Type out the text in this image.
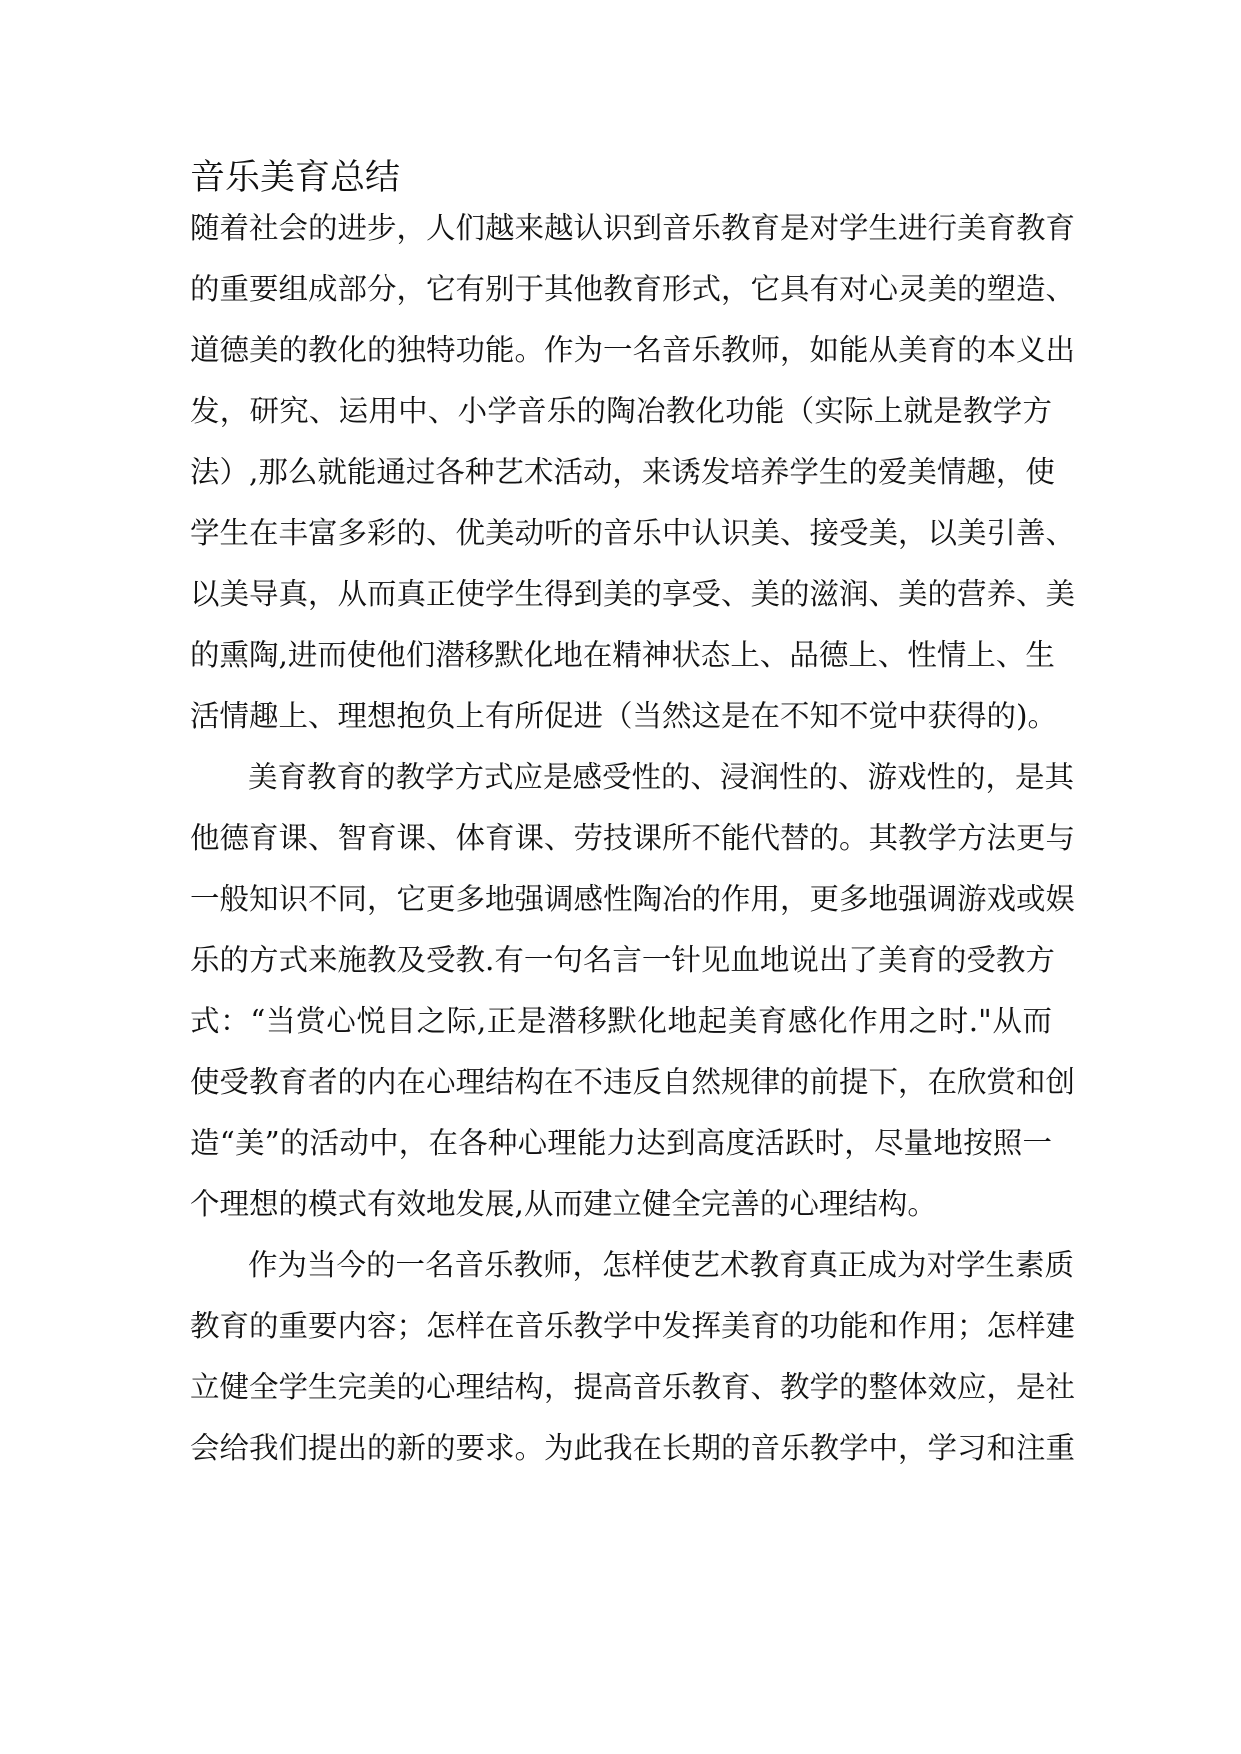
音乐美育总结
随着社会的进步，人们越来越认识到音乐教育是对学生进行美育教育
的重要组成部分，它有别于其他教育形式，它具有对心灵美的塑造、
道德美的教化的独特功能。作为一名音乐教师，如能从美育的本义出
发，研究、运用中、小学音乐的陶冶教化功能（实际上就是教学方
法）,那么就能通过各种艺术活动，来诱发培养学生的爱美情趣，使
学生在丰富多彩的、优美动听的音乐中认识美、接受美，以美引善、
以美导真，从而真正使学生得到美的享受、美的滋润、美的营养、美
的熏陶,进而使他们潜移默化地在精神状态上、品德上、性情上、生
活情趣上、理想抱负上有所促进（当然这是在不知不觉中获得的)。
美育教育的教学方式应是感受性的、浸润性的、游戏性的，是其
他德育课、智育课、体育课、劳技课所不能代替的。其教学方法更与
一般知识不同，它更多地强调感性陶冶的作用，更多地强调游戏或娱
乐的方式来施教及受教.有一句名言一针见血地说出了美育的受教方
式：“当赏心悦目之际,正是潜移默化地起美育感化作用之时."从而
使受教育者的内在心理结构在不违反自然规律的前提下，在欣赏和创
造“美”的活动中，在各种心理能力达到高度活跃时，尽量地按照一
个理想的模式有效地发展,从而建立健全完善的心理结构。
作为当今的一名音乐教师，怎样使艺术教育真正成为对学生素质
教育的重要内容；怎样在音乐教学中发挥美育的功能和作用；怎样建
立健全学生完美的心理结构，提高音乐教育、教学的整体效应，是社
会给我们提出的新的要求。为此我在长期的音乐教学中，学习和注重
